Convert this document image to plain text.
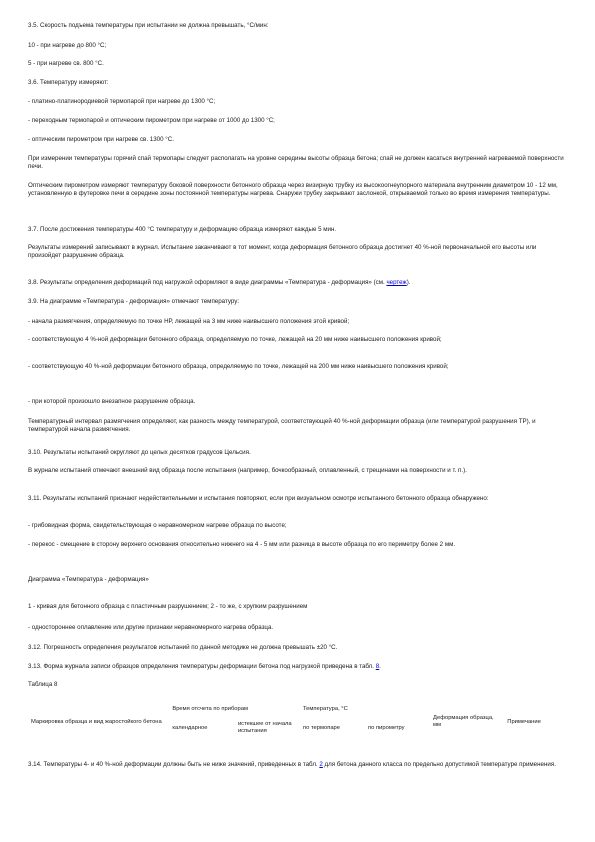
3.5. Скорость подъема температуры при испытании не должна превышать, °С/мин:

10 - при нагреве до 800 °С;

5 - при нагреве св. 800 °С.

3.6. Температуру измеряют:

- платино-платинородиевой термопарой при нагреве до 1300 °С;

- переходным термопарой и оптическим пирометром при нагреве от 1000 до 1300 °С;

- оптическим пирометром при нагреве св. 1300 °С.

При измерении температуры горячий спай термопары следует располагать на уровне середины высоты образца бетона; спай не должен касаться внутренней нагреваемой поверхности печи.

Оптическим пирометром измеряют температуру боковой поверхности бетонного образца через визирную трубку из высокоогнеупорного материала внутренним диаметром 10 - 12 мм, установленную в футеровке печи в середине зоны постоянной температуры нагрева. Снаружи трубку закрывают заслонкой, открываемой только во время измерения температуры.

3.7. После достижения температуры 400 °С температуру и деформацию образца измеряют каждые 5 мин.

Результаты измерений записывают в журнал. Испытание заканчивают в тот момент, когда деформация бетонного образца достигнет 40 %-ной первоначальной его высоты или произойдет разрушение образца.

3.8. Результаты определения деформаций под нагрузкой оформляют в виде диаграммы «Температура - деформация» (см. чертеж).

3.9. На диаграмме «Температура - деформация» отмечают температуру:

- начала размягчения, определяемую по точке НР, лежащей на 3 мм ниже наивысшего положения этой кривой;

- соответствующую 4 %-ной деформации бетонного образца, определяемую по точке, лежащей на 20 мм ниже наивысшего положения кривой;

- соответствующую 40 %-ной деформации бетонного образца, определяемую по точке, лежащей на 200 мм ниже наивысшего положения кривой;

- при которой произошло внезапное разрушение образца.

Температурный интервал размягчения определяют, как разность между температурой, соответствующей 40 %-ной деформации образца (или температурой разрушения ТР), и температурой начала размягчения.

3.10. Результаты испытаний округляют до целых десятков градусов Цельсия.

В журнале испытаний отмечают внешний вид образца после испытания (например, бочкообразный, оплавленный, с трещинами на поверхности и т. п.).

3.11. Результаты испытаний признают недействительными и испытания повторяют, если при визуальном осмотре испытанного бетонного образца обнаружено:

- грибовидная форма, свидетельствующая о неравномерном нагреве образца по высоте;

- перекос - смещение в сторону верхнего основания относительно нижнего на 4 - 5 мм или разница в высоте образца по его периметру более 2 мм.

Диаграмма «Температура - деформация»

1 - кривая для бетонного образца с пластичным разрушением; 2 - то же, с хрупким разрушением

- одностороннее оплавление или другие признаки неравномерного нагрева образца.

3.12. Погрешность определения результатов испытаний по данной методике не должна превышать ±20 °С.

3.13. Форма журнала записи образцов определения температуры деформации бетона под нагрузкой приведена в табл. 8.

Таблица 8

Маркировка образца и вид жаростойкого бетона	Время отсчета по приборам		Температура, °С		Деформация образца, мм	Примечание
	календарное	истекшее от начала испытания	по термопаре	по пирометру		

3.14. Температуры 4- и 40 %-ной деформации должны быть не ниже значений, приведенных в табл. 2 для бетона данного класса по предельно допустимой температуре применения.
